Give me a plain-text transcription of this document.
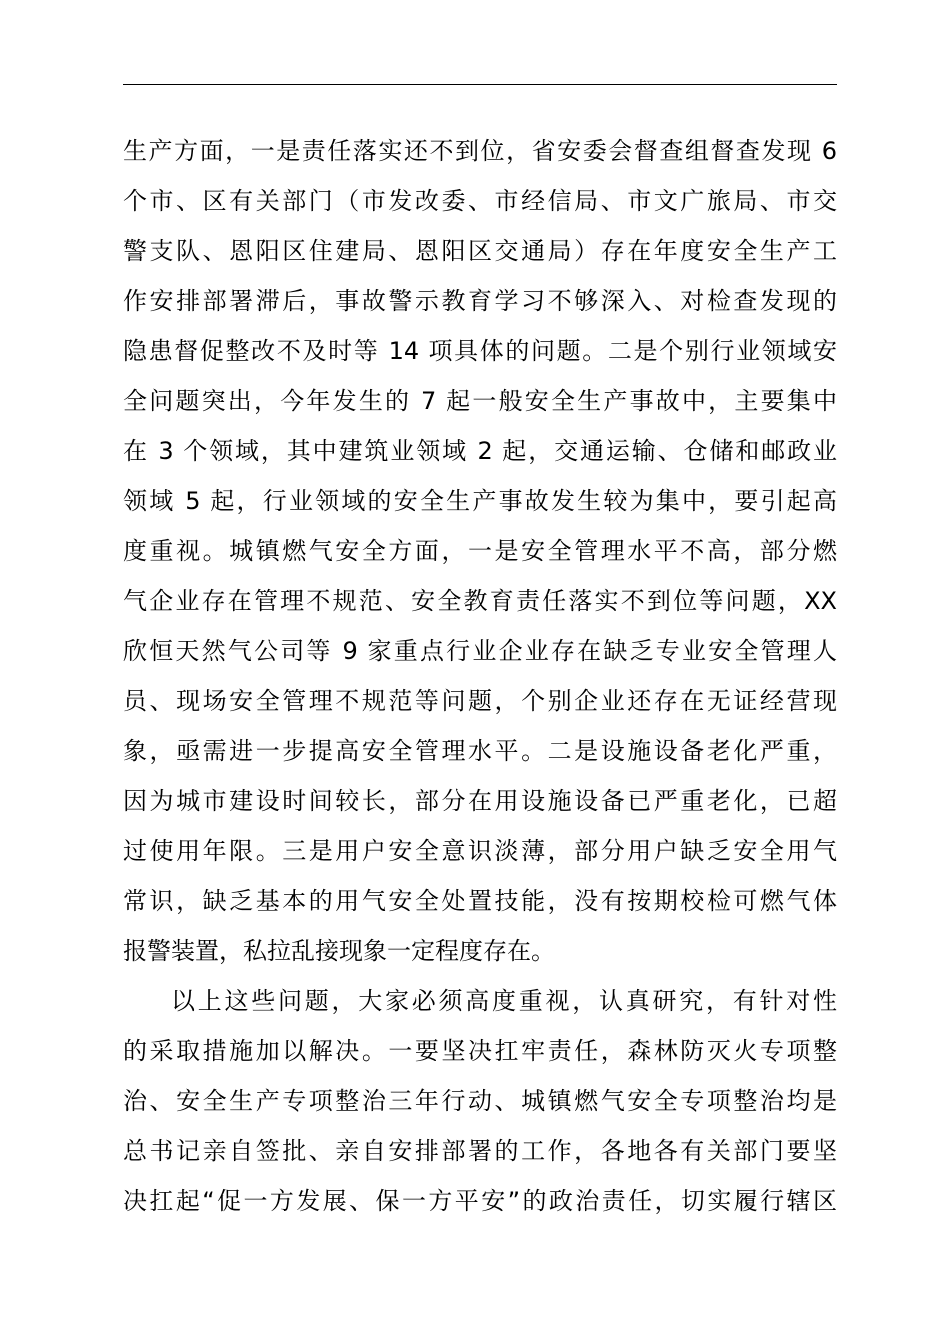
生产方面，一是责任落实还不到位，省安委会督查组督查发现 6
个市、区有关部门（市发改委、市经信局、市文广旅局、市交
警支队、恩阳区住建局、恩阳区交通局）存在年度安全生产工
作安排部署滞后，事故警示教育学习不够深入、对检查发现的
隐患督促整改不及时等 14 项具体的问题。二是个别行业领域安
全问题突出，今年发生的 7 起一般安全生产事故中，主要集中
在 3 个领域，其中建筑业领域 2 起，交通运输、仓储和邮政业
领域 5 起，行业领域的安全生产事故发生较为集中，要引起高
度重视。城镇燃气安全方面，一是安全管理水平不高，部分燃
气企业存在管理不规范、安全教育责任落实不到位等问题，XX
欣恒天然气公司等 9 家重点行业企业存在缺乏专业安全管理人
员、现场安全管理不规范等问题，个别企业还存在无证经营现
象，亟需进一步提高安全管理水平。二是设施设备老化严重，
因为城市建设时间较长，部分在用设施设备已严重老化，已超
过使用年限。三是用户安全意识淡薄，部分用户缺乏安全用气
常识，缺乏基本的用气安全处置技能，没有按期校检可燃气体
报警装置，私拉乱接现象一定程度存在。
以上这些问题，大家必须高度重视，认真研究，有针对性
的采取措施加以解决。一要坚决扛牢责任，森林防灭火专项整
治、安全生产专项整治三年行动、城镇燃气安全专项整治均是
总书记亲自签批、亲自安排部署的工作，各地各有关部门要坚
决扛起“促一方发展、保一方平安”的政治责任，切实履行辖区
